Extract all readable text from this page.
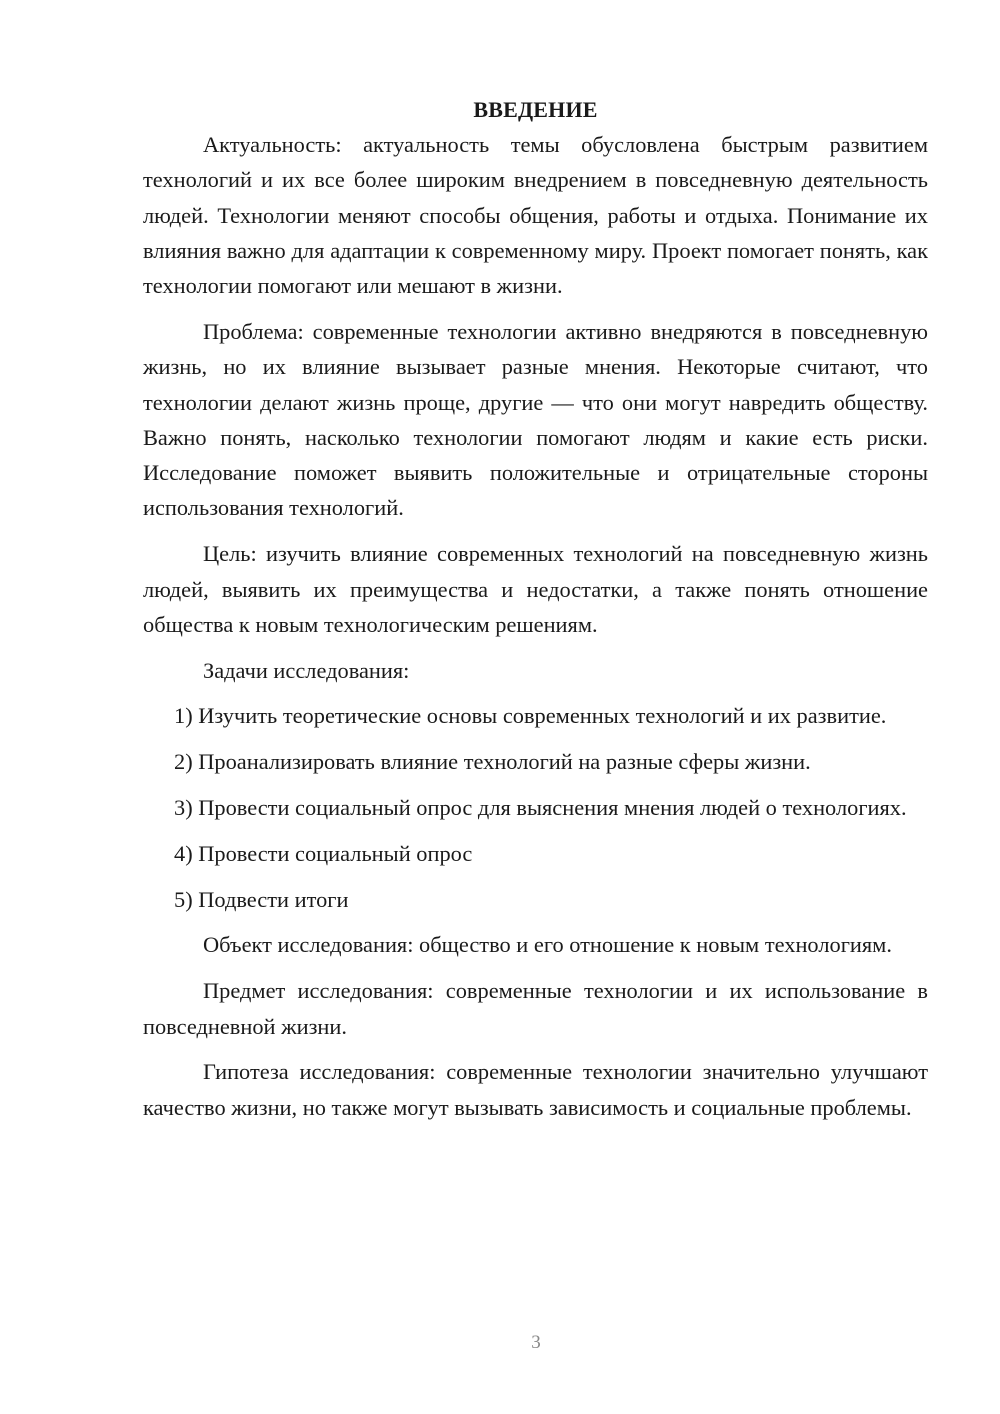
ВВЕДЕНИЕ

Актуальность: актуальность темы обусловлена быстрым развитием технологий и их все более широким внедрением в повседневную деятельность людей. Технологии меняют способы общения, работы и отдыха. Понимание их влияния важно для адаптации к современному миру. Проект помогает понять, как технологии помогают или мешают в жизни.

Проблема: современные технологии активно внедряются в повседневную жизнь, но их влияние вызывает разные мнения. Некоторые считают, что технологии делают жизнь проще, другие — что они могут навредить обществу. Важно понять, насколько технологии помогают людям и какие есть риски. Исследование поможет выявить положительные и отрицательные стороны использования технологий.

Цель: изучить влияние современных технологий на повседневную жизнь людей, выявить их преимущества и недостатки, а также понять отношение общества к новым технологическим решениям.

Задачи исследования:

1) Изучить теоретические основы современных технологий и их развитие.

2) Проанализировать влияние технологий на разные сферы жизни.

3) Провести социальный опрос для выяснения мнения людей о технологиях.

4) Провести социальный опрос

5) Подвести итоги

Объект исследования: общество и его отношение к новым технологиям.

Предмет исследования: современные технологии и их использование в повседневной жизни.

Гипотеза исследования: современные технологии значительно улучшают качество жизни, но также могут вызывать зависимость и социальные проблемы.

3
